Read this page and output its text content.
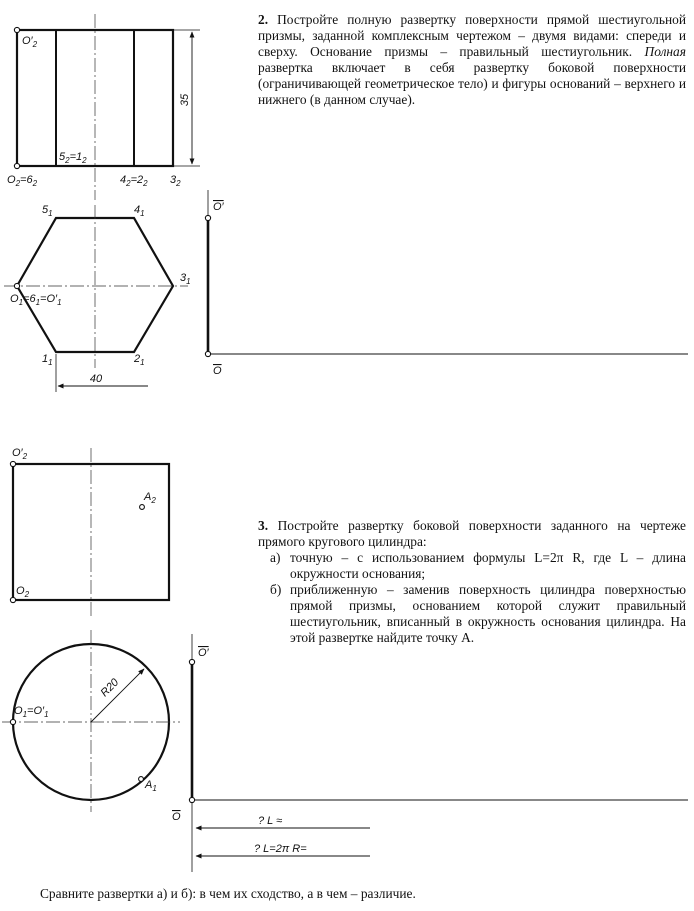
35
40
$O'_2$
$O_2=6_2$
$5_2=1_2$
$4_2=2_2$ $3_2$
$5_1$	$4_1$
$3_1$
$1_1$	$2_1$
$O_1=6_1=O'_1$
O′
O
R20
$O'_2$
$O_2$
$A_2$
$A_1$
$O_1=O'_1$
O′
O	? L ≈
? L=2π R=

2. Постройте полную развертку поверхности прямой шестиугольной призмы, заданной комплексным чертежом – двумя видами: спереди и сверху. Основание призмы – правильный шестиугольник. Полная развертка включает в себя развертку боковой поверхности (ограничивающей геометрическое тело) и фигуры оснований – верхнего и нижнего (в данном случае).

3. Постройте развертку боковой поверхности заданного на чертеже прямого кругового цилиндра:

а) точную – с использованием формулы L=2π R, где L – длина окружности основания;
б) приближенную – заменив поверхность цилиндра поверхностью прямой призмы, основанием которой служит правильный шестиугольник, вписанный в окружность основания цилиндра. На этой развертке найдите точку А.
Сравните развертки а) и б): в чем их сходство, а в чем – различие.
